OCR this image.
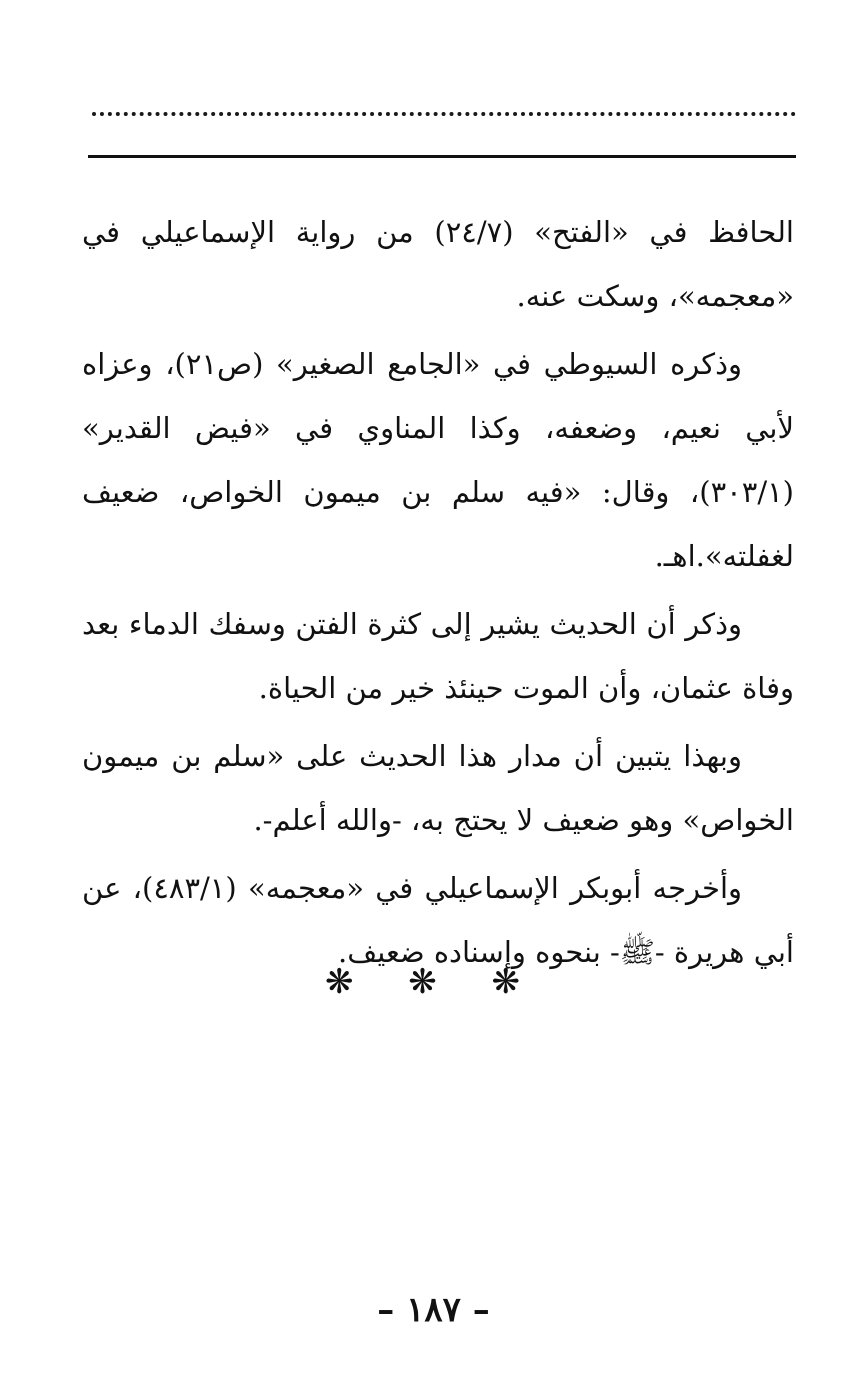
الحافظ في «الفتح» (٢٤/٧) من رواية الإسماعيلي في «معجمه»، وسكت عنه.

وذكره السيوطي في «الجامع الصغير» (ص٢١)، وعزاه لأبي نعيم، وضعفه، وكذا المناوي في «فيض القدير» (٣٠٣/١)، وقال: «فيه سلم بن ميمون الخواص، ضعيف لغفلته».اهـ.

وذكر أن الحديث يشير إلى كثرة الفتن وسفك الدماء بعد وفاة عثمان، وأن الموت حينئذ خير من الحياة.

وبهذا يتبين أن مدار هذا الحديث على «سلم بن ميمون الخواص» وهو ضعيف لا يحتج به، -والله أعلم-.

وأخرجه أبوبكر الإسماعيلي في «معجمه» (٤٨٣/١)، عن أبي هريرة -ﷺ- بنحوه وإسناده ضعيف.

❋ ❋ ❋
– ١٨٧ –
